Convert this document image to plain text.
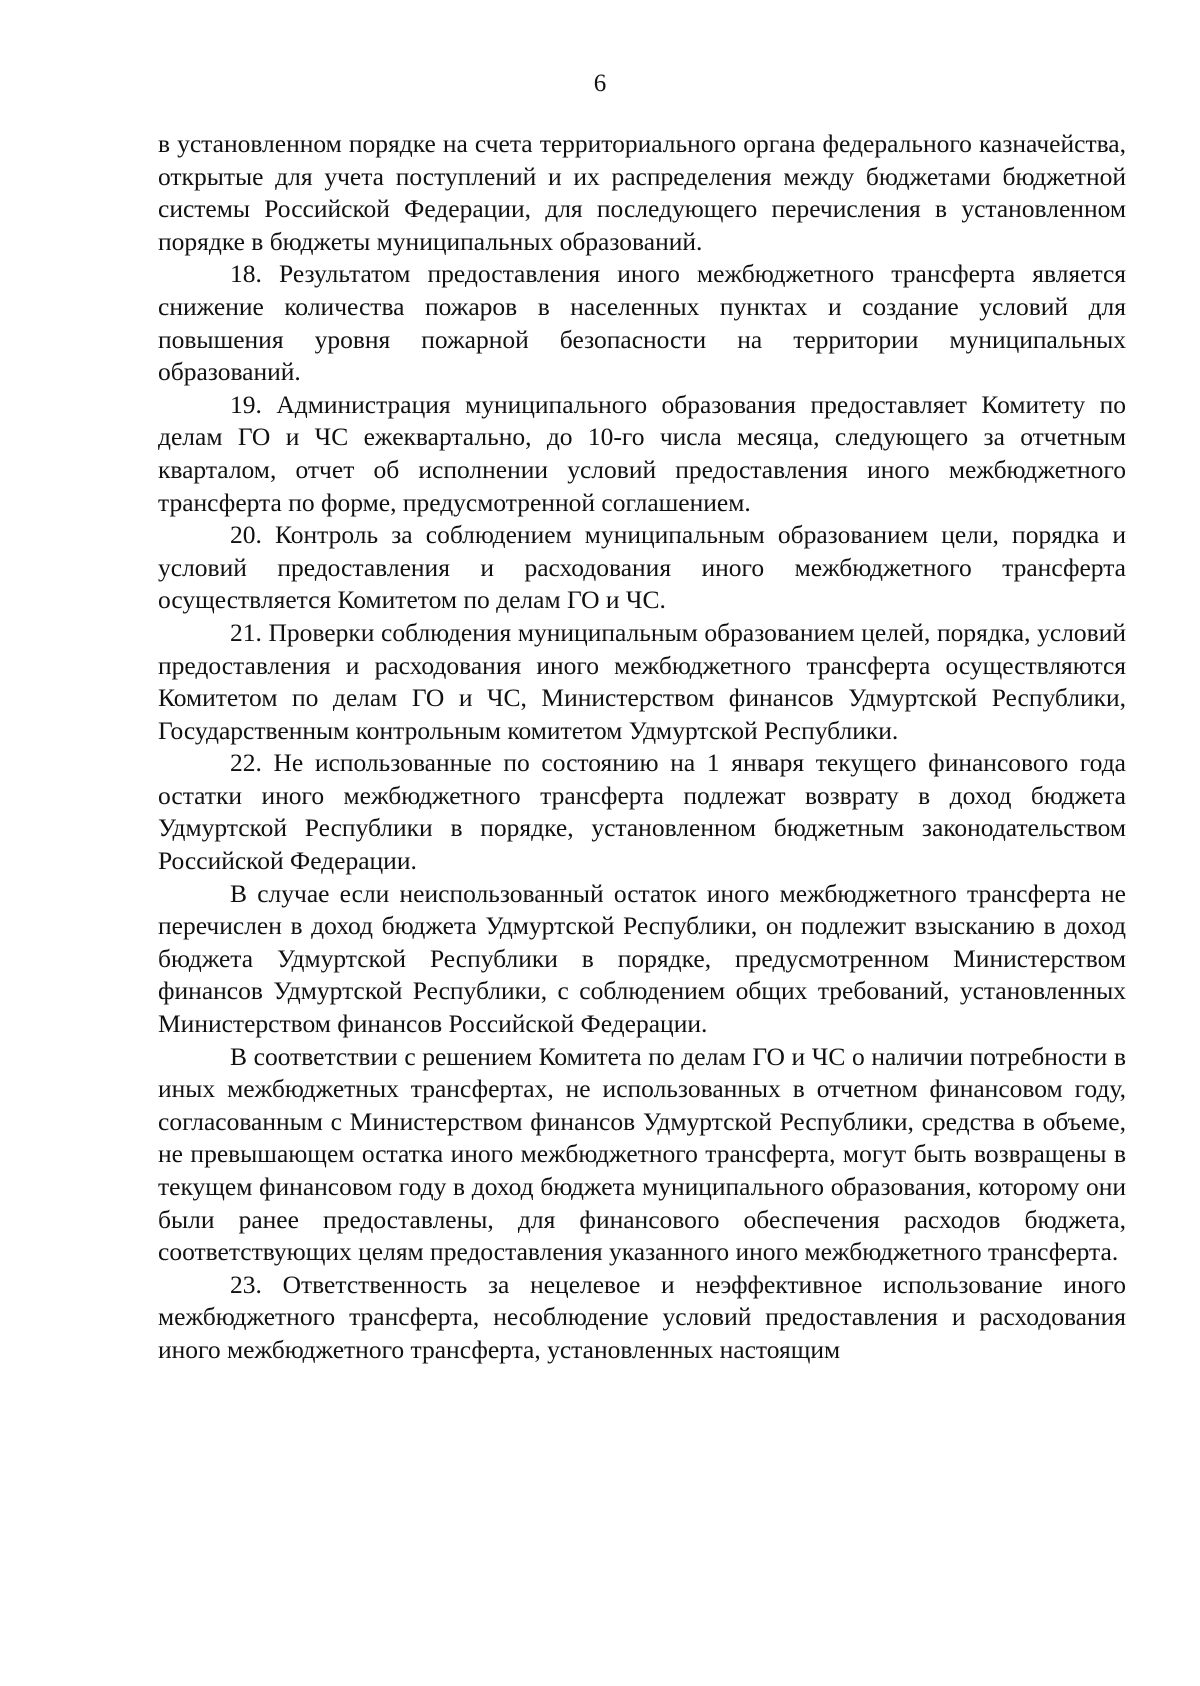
6

в установленном порядке на счета территориального органа федерального казначейства, открытые для учета поступлений и их распределения между бюджетами бюджетной системы Российской Федерации, для последующего перечисления в установленном порядке в бюджеты муниципальных образований.

18. Результатом предоставления иного межбюджетного трансферта является снижение количества пожаров в населенных пунктах и создание условий для повышения уровня пожарной безопасности на территории муниципальных образований.

19. Администрация муниципального образования предоставляет Комитету по делам ГО и ЧС ежеквартально, до 10-го числа месяца, следующего за отчетным кварталом, отчет об исполнении условий предоставления иного межбюджетного трансферта по форме, предусмотренной соглашением.

20. Контроль за соблюдением муниципальным образованием цели, порядка и условий предоставления и расходования иного межбюджетного трансферта осуществляется Комитетом по делам ГО и ЧС.

21. Проверки соблюдения муниципальным образованием целей, порядка, условий предоставления и расходования иного межбюджетного трансферта осуществляются Комитетом по делам ГО и ЧС, Министерством финансов Удмуртской Республики, Государственным контрольным комитетом Удмуртской Республики.

22. Не использованные по состоянию на 1 января текущего финансового года остатки иного межбюджетного трансферта подлежат возврату в доход бюджета Удмуртской Республики в порядке, установленном бюджетным законодательством Российской Федерации.

В случае если неиспользованный остаток иного межбюджетного трансферта не перечислен в доход бюджета Удмуртской Республики, он подлежит взысканию в доход бюджета Удмуртской Республики в порядке, предусмотренном Министерством финансов Удмуртской Республики, с соблюдением общих требований, установленных Министерством финансов Российской Федерации.

В соответствии с решением Комитета по делам ГО и ЧС о наличии потребности в иных межбюджетных трансфертах, не использованных в отчетном финансовом году, согласованным с Министерством финансов Удмуртской Республики, средства в объеме, не превышающем остатка иного межбюджетного трансферта, могут быть возвращены в текущем финансовом году в доход бюджета муниципального образования, которому они были ранее предоставлены, для финансового обеспечения расходов бюджета, соответствующих целям предоставления указанного иного межбюджетного трансферта.

23. Ответственность за нецелевое и неэффективное использование иного межбюджетного трансферта, несоблюдение условий предоставления и расходования иного межбюджетного трансферта, установленных настоящим
